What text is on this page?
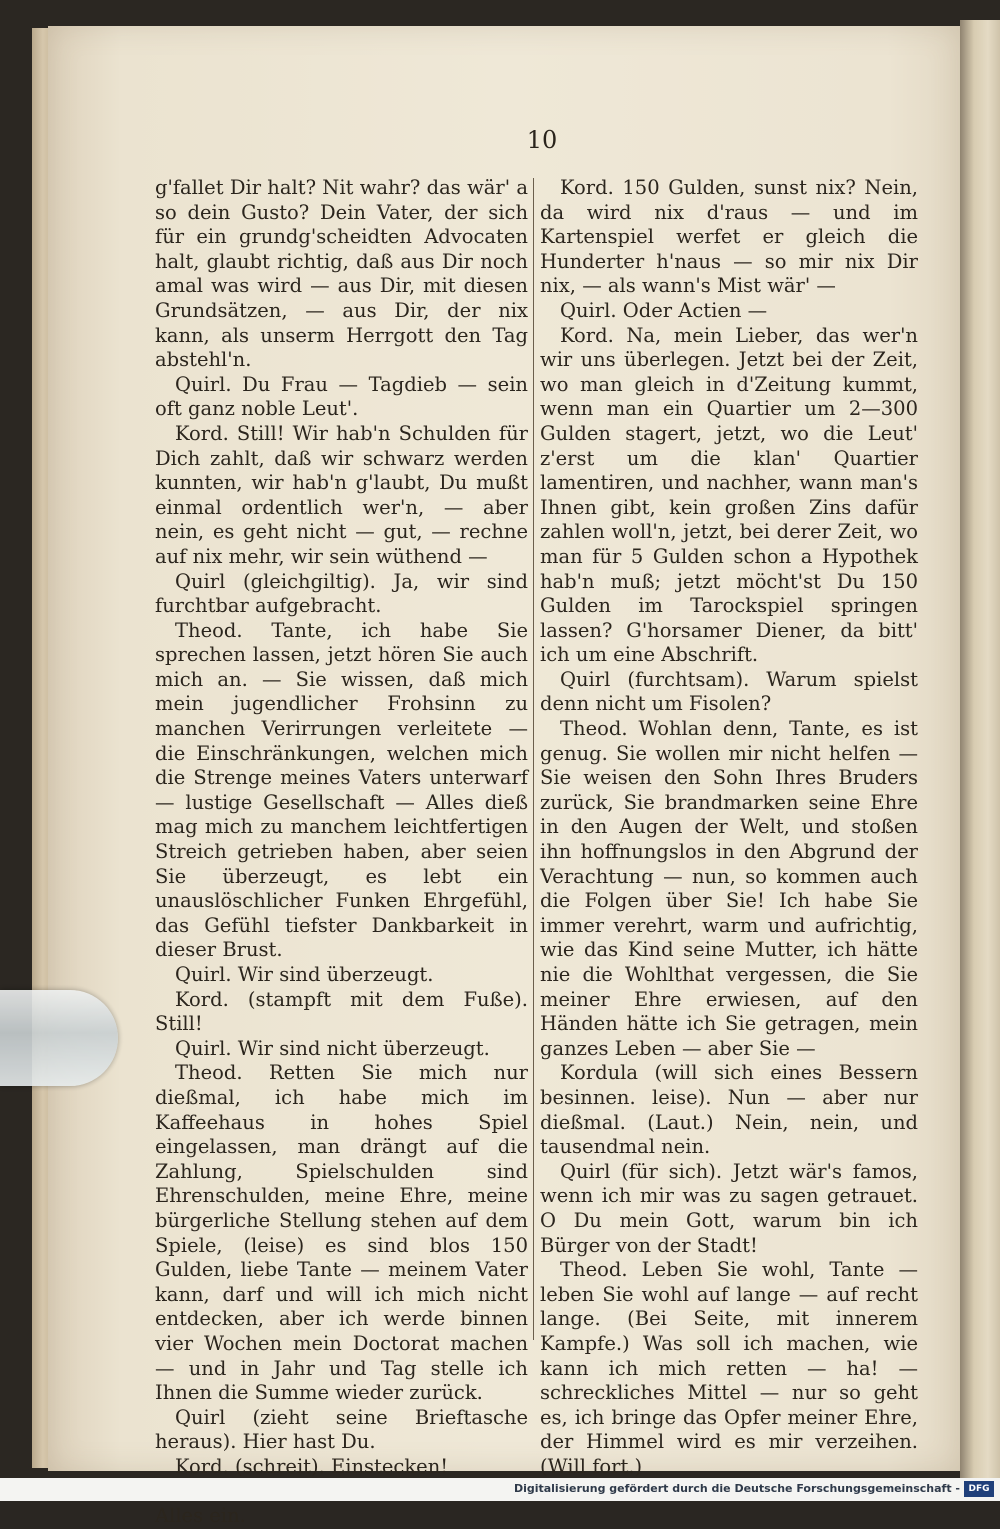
10

g'fallet Dir halt? Nit wahr? das wär' a so dein Gusto? Dein Vater, der sich für ein grundg'scheidten Advocaten halt, glaubt richtig, daß aus Dir noch amal was wird — aus Dir, mit diesen Grundsätzen, — aus Dir, der nix kann, als unserm Herrgott den Tag abstehl'n.

Quirl. Du Frau — Tagdieb — sein oft ganz noble Leut'.

Kord. Still! Wir hab'n Schulden für Dich zahlt, daß wir schwarz werden kunnten, wir hab'n g'laubt, Du mußt einmal ordentlich wer'n, — aber nein, es geht nicht — gut, — rechne auf nix mehr, wir sein wüthend —

Quirl (gleichgiltig). Ja, wir sind furchtbar aufgebracht.

Theod. Tante, ich habe Sie sprechen lassen, jetzt hören Sie auch mich an. — Sie wissen, daß mich mein jugendlicher Frohsinn zu manchen Verirrungen verleitete — die Einschränkungen, welchen mich die Strenge meines Vaters unterwarf — lustige Gesellschaft — Alles dieß mag mich zu manchem leichtfertigen Streich getrieben haben, aber seien Sie überzeugt, es lebt ein unauslöschlicher Funken Ehrgefühl, das Gefühl tiefster Dankbarkeit in dieser Brust.

Quirl. Wir sind überzeugt.

Kord. (stampft mit dem Fuße). Still!

Quirl. Wir sind nicht überzeugt.

Theod. Retten Sie mich nur dießmal, ich habe mich im Kaffeehaus in hohes Spiel eingelassen, man drängt auf die Zahlung, Spielschulden sind Ehrenschulden, meine Ehre, meine bürgerliche Stellung stehen auf dem Spiele, (leise) es sind blos 150 Gulden, liebe Tante — meinem Vater kann, darf und will ich mich nicht entdecken, aber ich werde binnen vier Wochen mein Doctorat machen — und in Jahr und Tag stelle ich Ihnen die Summe wieder zurück.

Quirl (zieht seine Brieftasche heraus). Hier hast Du.

Kord. (schreit). Einstecken!

Alles ein.

Kord. 150 Gulden, sunst nix? Nein, da wird nix d'raus — und im Kartenspiel werfet er gleich die Hunderter h'naus — so mir nix Dir nix, — als wann's Mist wär' —

Quirl. Oder Actien —

Kord. Na, mein Lieber, das wer'n wir uns überlegen. Jetzt bei der Zeit, wo man gleich in d'Zeitung kummt, wenn man ein Quartier um 2—300 Gulden stagert, jetzt, wo die Leut' z'erst um die klan' Quartier lamentiren, und nachher, wann man's Ihnen gibt, kein großen Zins dafür zahlen woll'n, jetzt, bei derer Zeit, wo man für 5 Gulden schon a Hypothek hab'n muß; jetzt möcht'st Du 150 Gulden im Tarockspiel springen lassen? G'horsamer Diener, da bitt' ich um eine Abschrift.

Quirl (furchtsam). Warum spielst denn nicht um Fisolen?

Theod. Wohlan denn, Tante, es ist genug. Sie wollen mir nicht helfen — Sie weisen den Sohn Ihres Bruders zurück, Sie brandmarken seine Ehre in den Augen der Welt, und stoßen ihn hoffnungslos in den Abgrund der Verachtung — nun, so kommen auch die Folgen über Sie! Ich habe Sie immer verehrt, warm und aufrichtig, wie das Kind seine Mutter, ich hätte nie die Wohlthat vergessen, die Sie meiner Ehre erwiesen, auf den Händen hätte ich Sie getragen, mein ganzes Leben — aber Sie —

Kordula (will sich eines Bessern besinnen. leise). Nun — aber nur dießmal. (Laut.) Nein, nein, und tausendmal nein.

Quirl (für sich). Jetzt wär's famos, wenn ich mir was zu sagen getrauet. O Du mein Gott, warum bin ich Bürger von der Stadt!

Theod. Leben Sie wohl, Tante — leben Sie wohl auf lange — auf recht lange. (Bei Seite, mit innerem Kampfe.) Was soll ich machen, wie kann ich mich retten — ha! — schreckliches Mittel — nur so geht es, ich bringe das Opfer meiner Ehre, der Himmel wird es mir verzeihen. (Will fort.)

Digitalisierung gefördert durch die Deutsche Forschungsgemeinschaft - DFG
